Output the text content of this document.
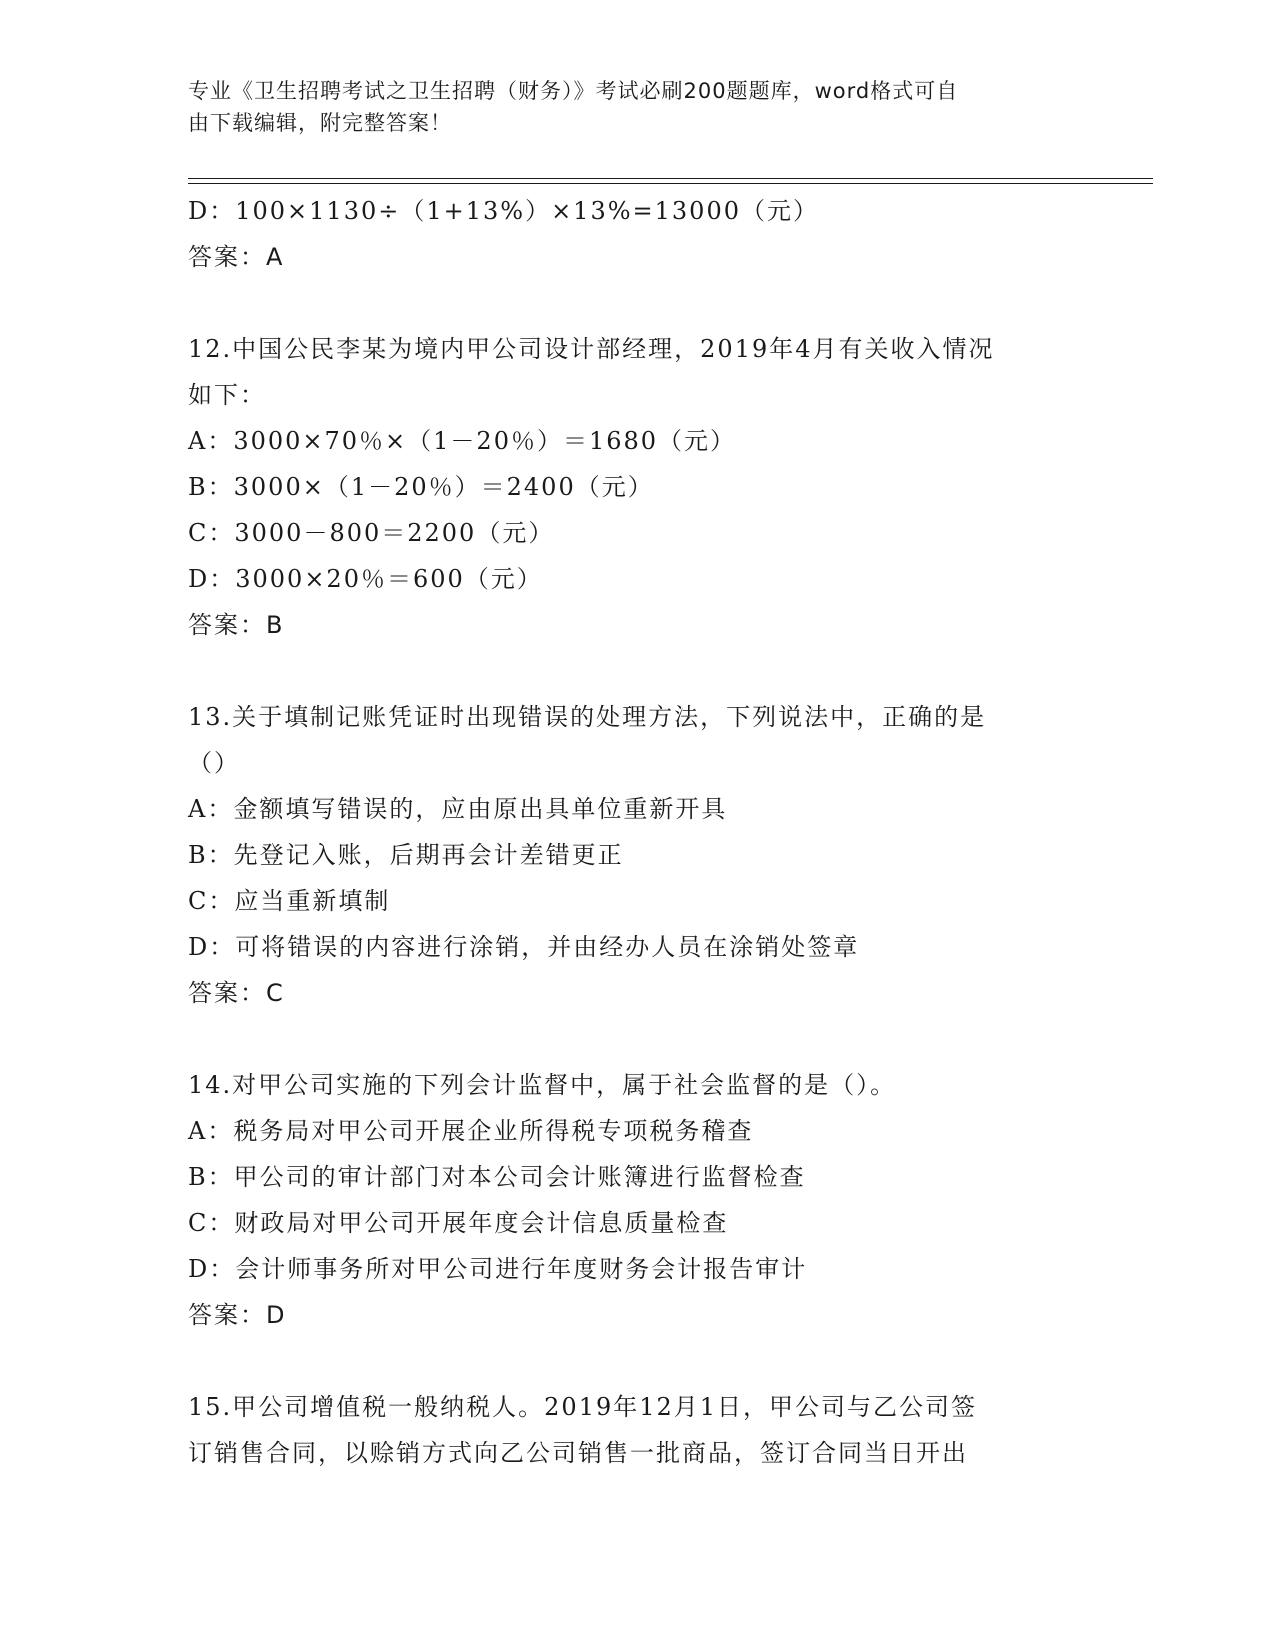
专业《卫生招聘考试之卫生招聘（财务）》考试必刷200题题库，word格式可自
由下载编辑，附完整答案！
D：100×1130÷（1+13%）×13%=13000（元）
答案：A
12.中国公民李某为境内甲公司设计部经理，2019年4月有关收入情况
如下：
A：3000×70％×（1－20％）＝1680（元）
B：3000×（1－20％）＝2400（元）
C：3000－800＝2200（元）
D：3000×20％＝600（元）
答案：B
13.关于填制记账凭证时出现错误的处理方法，下列说法中，正确的是
（）
A：金额填写错误的，应由原出具单位重新开具
B：先登记入账，后期再会计差错更正
C：应当重新填制
D：可将错误的内容进行涂销，并由经办人员在涂销处签章
答案：C
14.对甲公司实施的下列会计监督中，属于社会监督的是（）。
A：税务局对甲公司开展企业所得税专项税务稽查
B：甲公司的审计部门对本公司会计账簿进行监督检查
C：财政局对甲公司开展年度会计信息质量检查
D：会计师事务所对甲公司进行年度财务会计报告审计
答案：D
15.甲公司增值税一般纳税人。2019年12月1日，甲公司与乙公司签
订销售合同，以赊销方式向乙公司销售一批商品，签订合同当日开出
